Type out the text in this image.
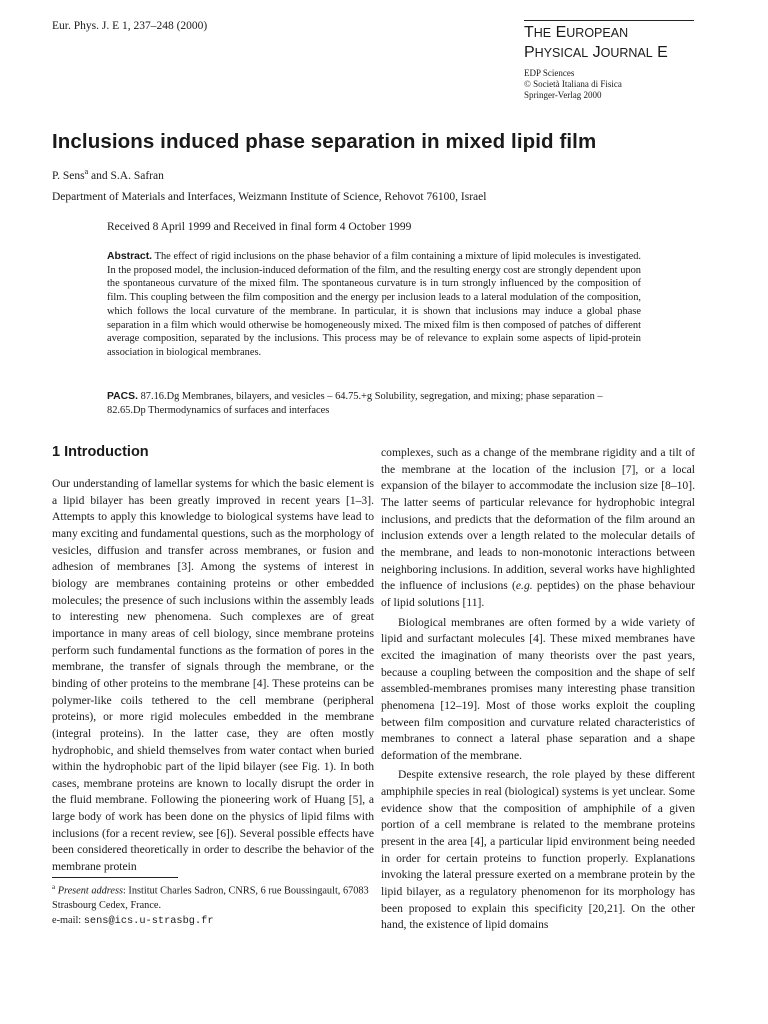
Eur. Phys. J. E 1, 237–248 (2000)	THE EUROPEAN
PHYSICAL JOURNAL E
EDP Sciences
© Società Italiana di Fisica
Springer-Verlag 2000
Inclusions induced phase separation in mixed lipid film
P. Sens$^a$ and S.A. Safran
Department of Materials and Interfaces, Weizmann Institute of Science, Rehovot 76100, Israel
Received 8 April 1999 and Received in final form 4 October 1999
Abstract. The effect of rigid inclusions on the phase behavior of a film containing a mixture of lipid molecules is investigated. In the proposed model, the inclusion-induced deformation of the film, and the resulting energy cost are strongly dependent upon the spontaneous curvature of the mixed film. The spontaneous curvature is in turn strongly influenced by the composition of film. This coupling between the film composition and the energy per inclusion leads to a lateral modulation of the composition, which follows the local curvature of the membrane. In particular, it is shown that inclusions may induce a global phase separation in a film which would otherwise be homogeneously mixed. The mixed film is then composed of patches of different average composition, separated by the inclusions. This process may be of relevance to explain some aspects of lipid-protein association in biological membranes.
PACS. 87.16.Dg Membranes, bilayers, and vesicles – 64.75.+g Solubility, segregation, and mixing; phase separation – 82.65.Dp Thermodynamics of surfaces and interfaces
1 Introduction

Our understanding of lamellar systems for which the basic element is a lipid bilayer has been greatly improved in recent years [1–3]. Attempts to apply this knowledge to biological systems have lead to many exciting and fundamental questions, such as the morphology of vesicles, diffusion and transfer across membranes, or fusion and adhesion of membranes [3]. Among the systems of interest in biology are membranes containing proteins or other embedded molecules; the presence of such inclusions within the assembly leads to interesting new phenomena. Such complexes are of great importance in many areas of cell biology, since membrane proteins perform such fundamental functions as the formation of pores in the membrane, the transfer of signals through the membrane, or the binding of other proteins to the membrane [4]. These proteins can be polymer-like coils tethered to the cell membrane (peripheral proteins), or more rigid molecules embedded in the membrane (integral proteins). In the latter case, they are often mostly hydrophobic, and shield themselves from water contact when buried within the hydrophobic part of the lipid bilayer (see Fig. 1). In both cases, membrane proteins are known to locally disrupt the order in the fluid membrane. Following the pioneering work of Huang [5], a large body of work has been done on the physics of lipid films with inclusions (for a recent review, see [6]). Several possible effects have been considered theoretically in order to describe the behavior of the membrane protein

complexes, such as a change of the membrane rigidity and a tilt of the membrane at the location of the inclusion [7], or a local expansion of the bilayer to accommodate the inclusion size [8–10]. The latter seems of particular relevance for hydrophobic integral inclusions, and predicts that the deformation of the film around an inclusion extends over a length related to the molecular details of the membrane, and leads to non-monotonic interactions between neighboring inclusions. In addition, several works have highlighted the influence of inclusions (e.g. peptides) on the phase behaviour of lipid solutions [11].

Biological membranes are often formed by a wide variety of lipid and surfactant molecules [4]. These mixed membranes have excited the imagination of many theorists over the past years, because a coupling between the composition and the shape of self assembled-membranes promises many interesting phase transition phenomena [12–19]. Most of those works exploit the coupling between film composition and curvature related characteristics of membranes to connect a lateral phase separation and a shape deformation of the membrane.

Despite extensive research, the role played by these different amphiphile species in real (biological) systems is yet unclear. Some evidence show that the composition of amphiphile of a given portion of a cell membrane is related to the membrane proteins present in the area [4], a particular lipid environment being needed in order for certain proteins to function properly. Explanations invoking the lateral pressure exerted on a membrane protein by the lipid bilayer, as a regulatory phenomenon for its morphology has been proposed to explain this specificity [20,21]. On the other hand, the existence of lipid domains

$^a$ Present address: Institut Charles Sadron, CNRS, 6 rue Boussingault, 67083 Strasbourg Cedex, France.
e-mail: sens@ics.u-strasbg.fr
